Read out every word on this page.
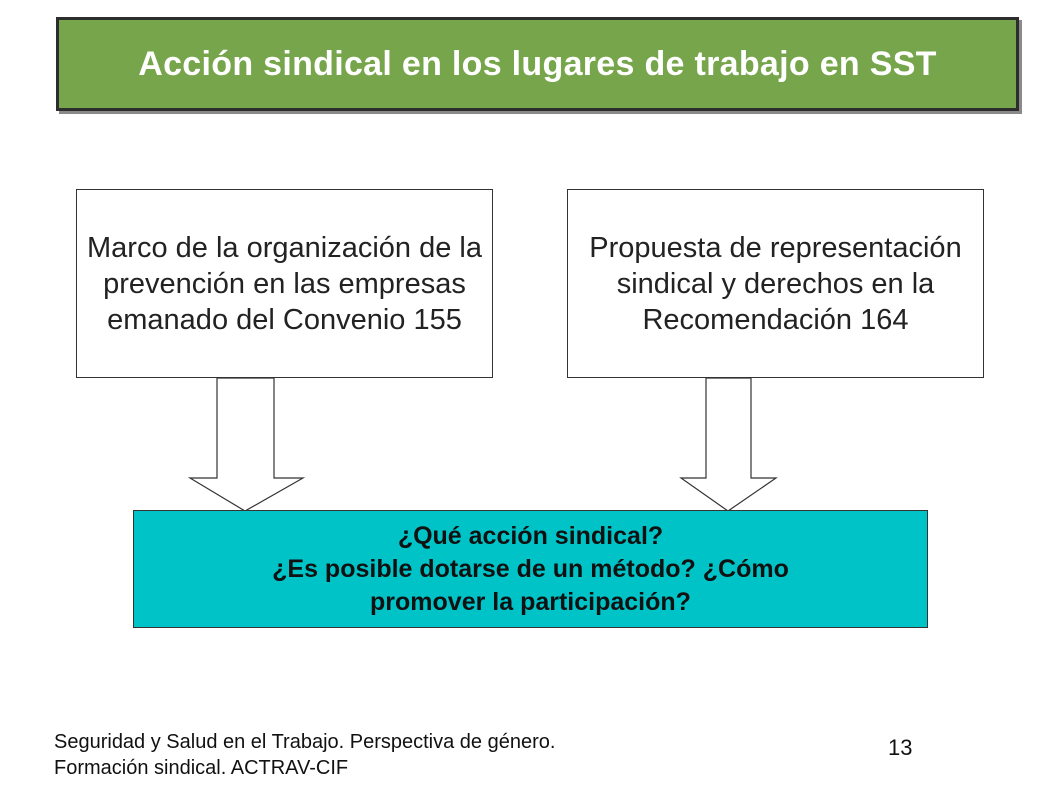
Acción sindical en los lugares de trabajo en SST
Marco de la organización de la prevención en las empresas emanado del Convenio 155
Propuesta de representación sindical y derechos en la Recomendación 164
¿Qué acción sindical?
¿Es posible dotarse de un método? ¿Cómo
promover la participación?
Seguridad y Salud en el Trabajo. Perspectiva de género.
Formación sindical. ACTRAV-CIF
13
